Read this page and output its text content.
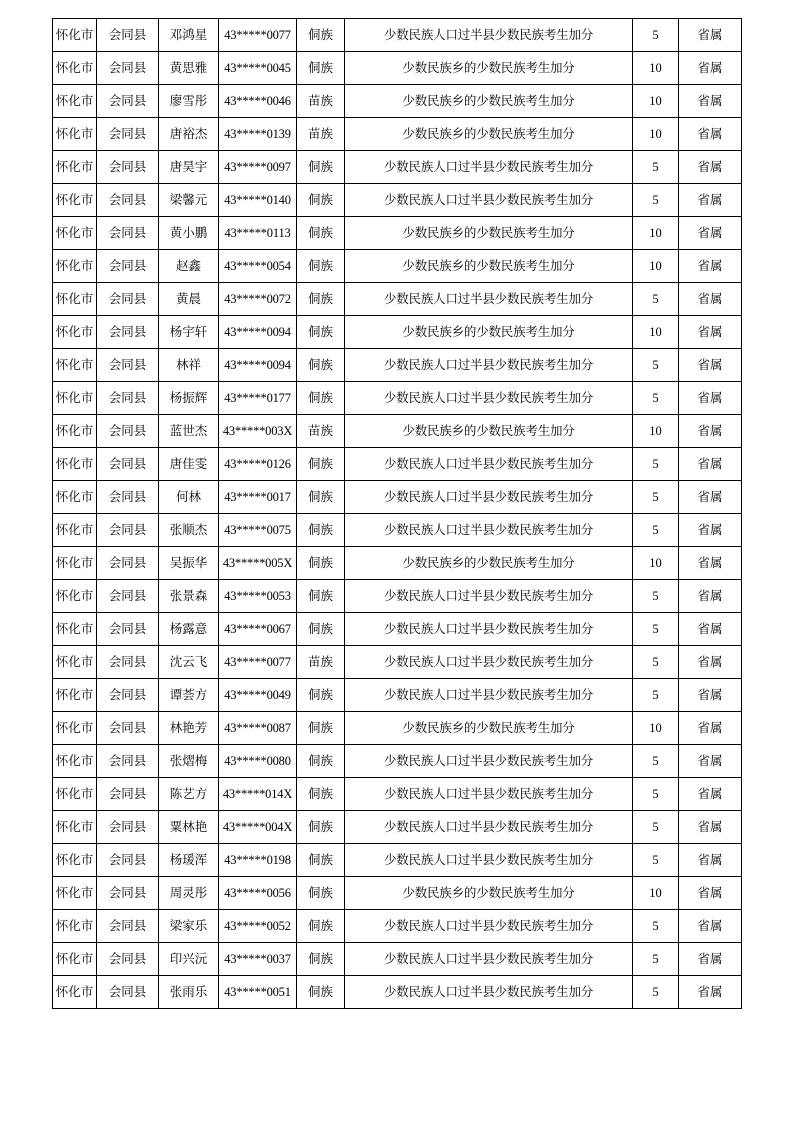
怀化市	会同县	邓鸿星	43*****0077	侗族	少数民族人口过半县少数民族考生加分	5	省属
怀化市	会同县	黄思雅	43*****0045	侗族	少数民族乡的少数民族考生加分	10	省属
怀化市	会同县	廖雪彤	43*****0046	苗族	少数民族乡的少数民族考生加分	10	省属
怀化市	会同县	唐裕杰	43*****0139	苗族	少数民族乡的少数民族考生加分	10	省属
怀化市	会同县	唐昊宇	43*****0097	侗族	少数民族人口过半县少数民族考生加分	5	省属
怀化市	会同县	梁馨元	43*****0140	侗族	少数民族人口过半县少数民族考生加分	5	省属
怀化市	会同县	黄小鹏	43*****0113	侗族	少数民族乡的少数民族考生加分	10	省属
怀化市	会同县	赵鑫	43*****0054	侗族	少数民族乡的少数民族考生加分	10	省属
怀化市	会同县	黄晨	43*****0072	侗族	少数民族人口过半县少数民族考生加分	5	省属
怀化市	会同县	杨宇轩	43*****0094	侗族	少数民族乡的少数民族考生加分	10	省属
怀化市	会同县	林祥	43*****0094	侗族	少数民族人口过半县少数民族考生加分	5	省属
怀化市	会同县	杨振辉	43*****0177	侗族	少数民族人口过半县少数民族考生加分	5	省属
怀化市	会同县	蓝世杰	43*****003X	苗族	少数民族乡的少数民族考生加分	10	省属
怀化市	会同县	唐佳雯	43*****0126	侗族	少数民族人口过半县少数民族考生加分	5	省属
怀化市	会同县	何林	43*****0017	侗族	少数民族人口过半县少数民族考生加分	5	省属
怀化市	会同县	张顺杰	43*****0075	侗族	少数民族人口过半县少数民族考生加分	5	省属
怀化市	会同县	吴振华	43*****005X	侗族	少数民族乡的少数民族考生加分	10	省属
怀化市	会同县	张景森	43*****0053	侗族	少数民族人口过半县少数民族考生加分	5	省属
怀化市	会同县	杨露意	43*****0067	侗族	少数民族人口过半县少数民族考生加分	5	省属
怀化市	会同县	沈云飞	43*****0077	苗族	少数民族人口过半县少数民族考生加分	5	省属
怀化市	会同县	谭荟方	43*****0049	侗族	少数民族人口过半县少数民族考生加分	5	省属
怀化市	会同县	林艳芳	43*****0087	侗族	少数民族乡的少数民族考生加分	10	省属
怀化市	会同县	张熠梅	43*****0080	侗族	少数民族人口过半县少数民族考生加分	5	省属
怀化市	会同县	陈艺方	43*****014X	侗族	少数民族人口过半县少数民族考生加分	5	省属
怀化市	会同县	粟林艳	43*****004X	侗族	少数民族人口过半县少数民族考生加分	5	省属
怀化市	会同县	杨瑗浑	43*****0198	侗族	少数民族人口过半县少数民族考生加分	5	省属
怀化市	会同县	周灵彤	43*****0056	侗族	少数民族乡的少数民族考生加分	10	省属
怀化市	会同县	梁家乐	43*****0052	侗族	少数民族人口过半县少数民族考生加分	5	省属
怀化市	会同县	印兴沅	43*****0037	侗族	少数民族人口过半县少数民族考生加分	5	省属
怀化市	会同县	张雨乐	43*****0051	侗族	少数民族人口过半县少数民族考生加分	5	省属
